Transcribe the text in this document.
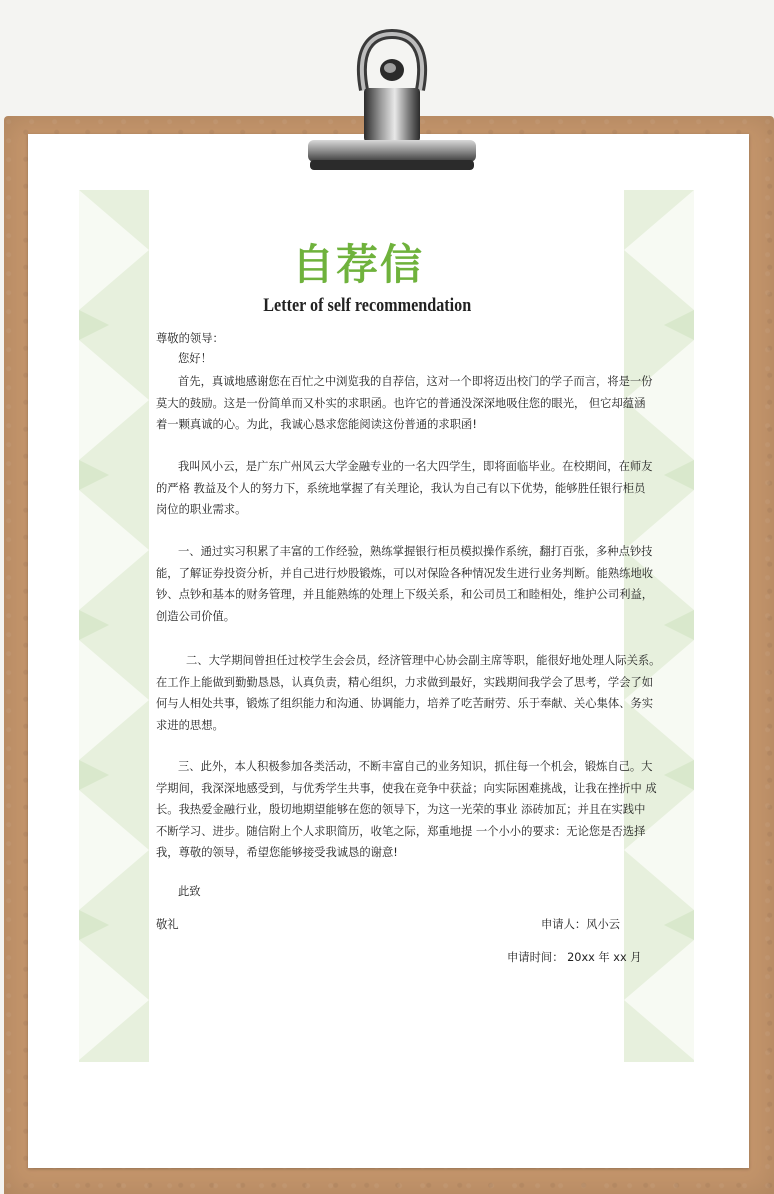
自荐信
Letter of self recommendation
尊敬的领导：
您好！
首先，真诚地感谢您在百忙之中浏览我的自荐信，这对一个即将迈出校门的学子而言，将是一份
莫大的鼓励。这是一份简单而又朴实的求职函。也许它的普通没深深地吸住您的眼光， 但它却蕴涵
着一颗真诚的心。为此，我诚心恳求您能阅读这份普通的求职函!
我叫风小云，是广东广州风云大学金融专业的一名大四学生，即将面临毕业。在校期间，在师友
的严格 教益及个人的努力下，系统地掌握了有关理论，我认为自己有以下优势，能够胜任银行柜员
岗位的职业需求。
一、通过实习积累了丰富的工作经验，熟练掌握银行柜员模拟操作系统，翻打百张，多种点钞技
能，了解证券投资分析，并自己进行炒股锻炼，可以对保险各种情况发生进行业务判断。能熟练地收
钞、点钞和基本的财务管理，并且能熟练的处理上下级关系，和公司员工和睦相处，维护公司利益，
创造公司价值。
二、大学期间曾担任过校学生会会员，经济管理中心协会副主席等职，能很好地处理人际关系。
在工作上能做到勤勤恳恳，认真负责，精心组织，力求做到最好，实践期间我学会了思考，学会了如
何与人相处共事，锻炼了组织能力和沟通、协调能力，培养了吃苦耐劳、乐于奉献、关心集体、务实
求进的思想。
三、此外，本人积极参加各类活动，不断丰富自己的业务知识，抓住每一个机会，锻炼自己。大
学期间，我深深地感受到，与优秀学生共事，使我在竞争中获益；向实际困难挑战，让我在挫折中 成
长。我热爱金融行业，殷切地期望能够在您的领导下，为这一光荣的事业 添砖加瓦；并且在实践中
不断学习、进步。随信附上个人求职简历，收笔之际，郑重地提 一个小小的要求：无论您是否选择
我，尊敬的领导，希望您能够接受我诚恳的谢意!
此致
敬礼	申请人：风小云
申请时间： 20xx 年 xx 月
